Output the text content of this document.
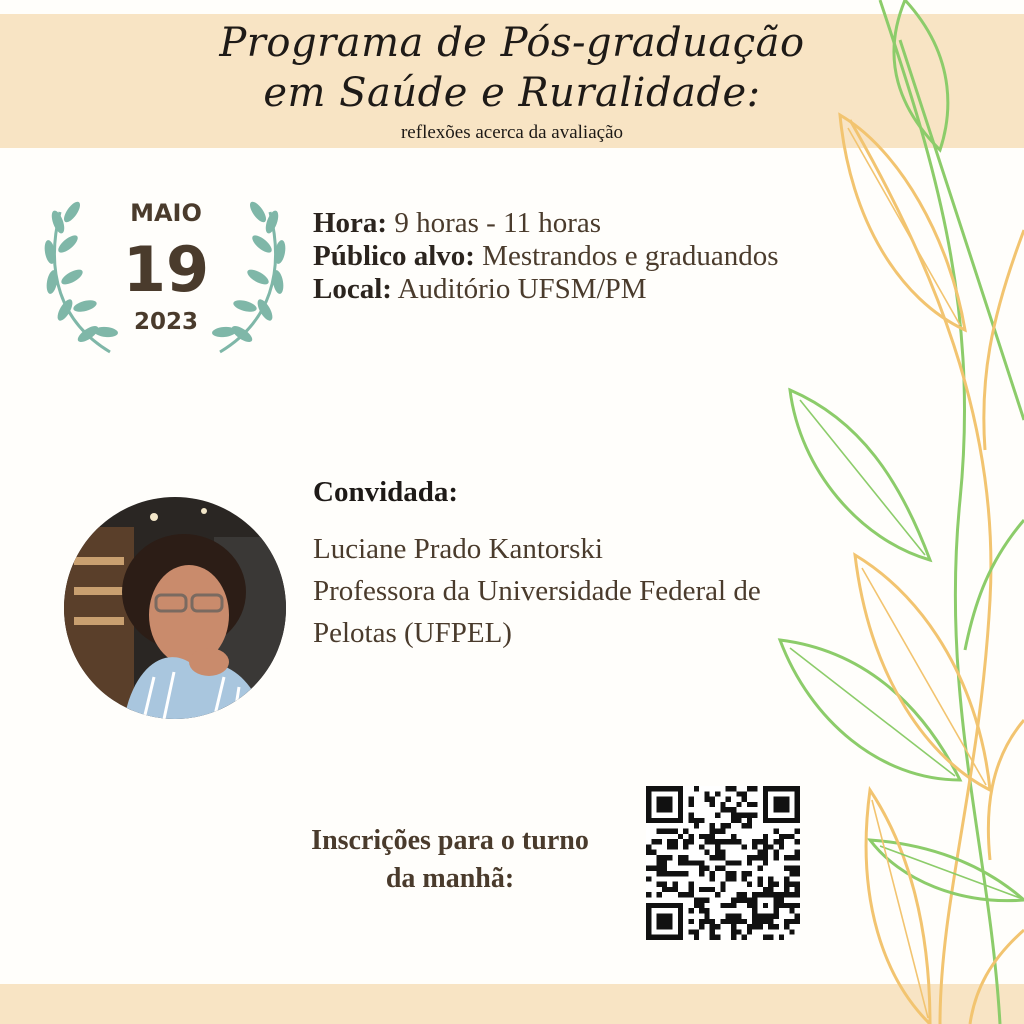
Programa de Pós-graduação
em Saúde e Ruralidade:
reflexões acerca da avaliação
MAIO
19
2023
Hora: 9 horas - 11 horas
Público alvo: Mestrandos e graduandos
Local: Auditório UFSM/PM
Convidada:
Luciane Prado Kantorski
Professora da Universidade Federal de
Pelotas (UFPEL)
Inscrições para o turno
da manhã:
